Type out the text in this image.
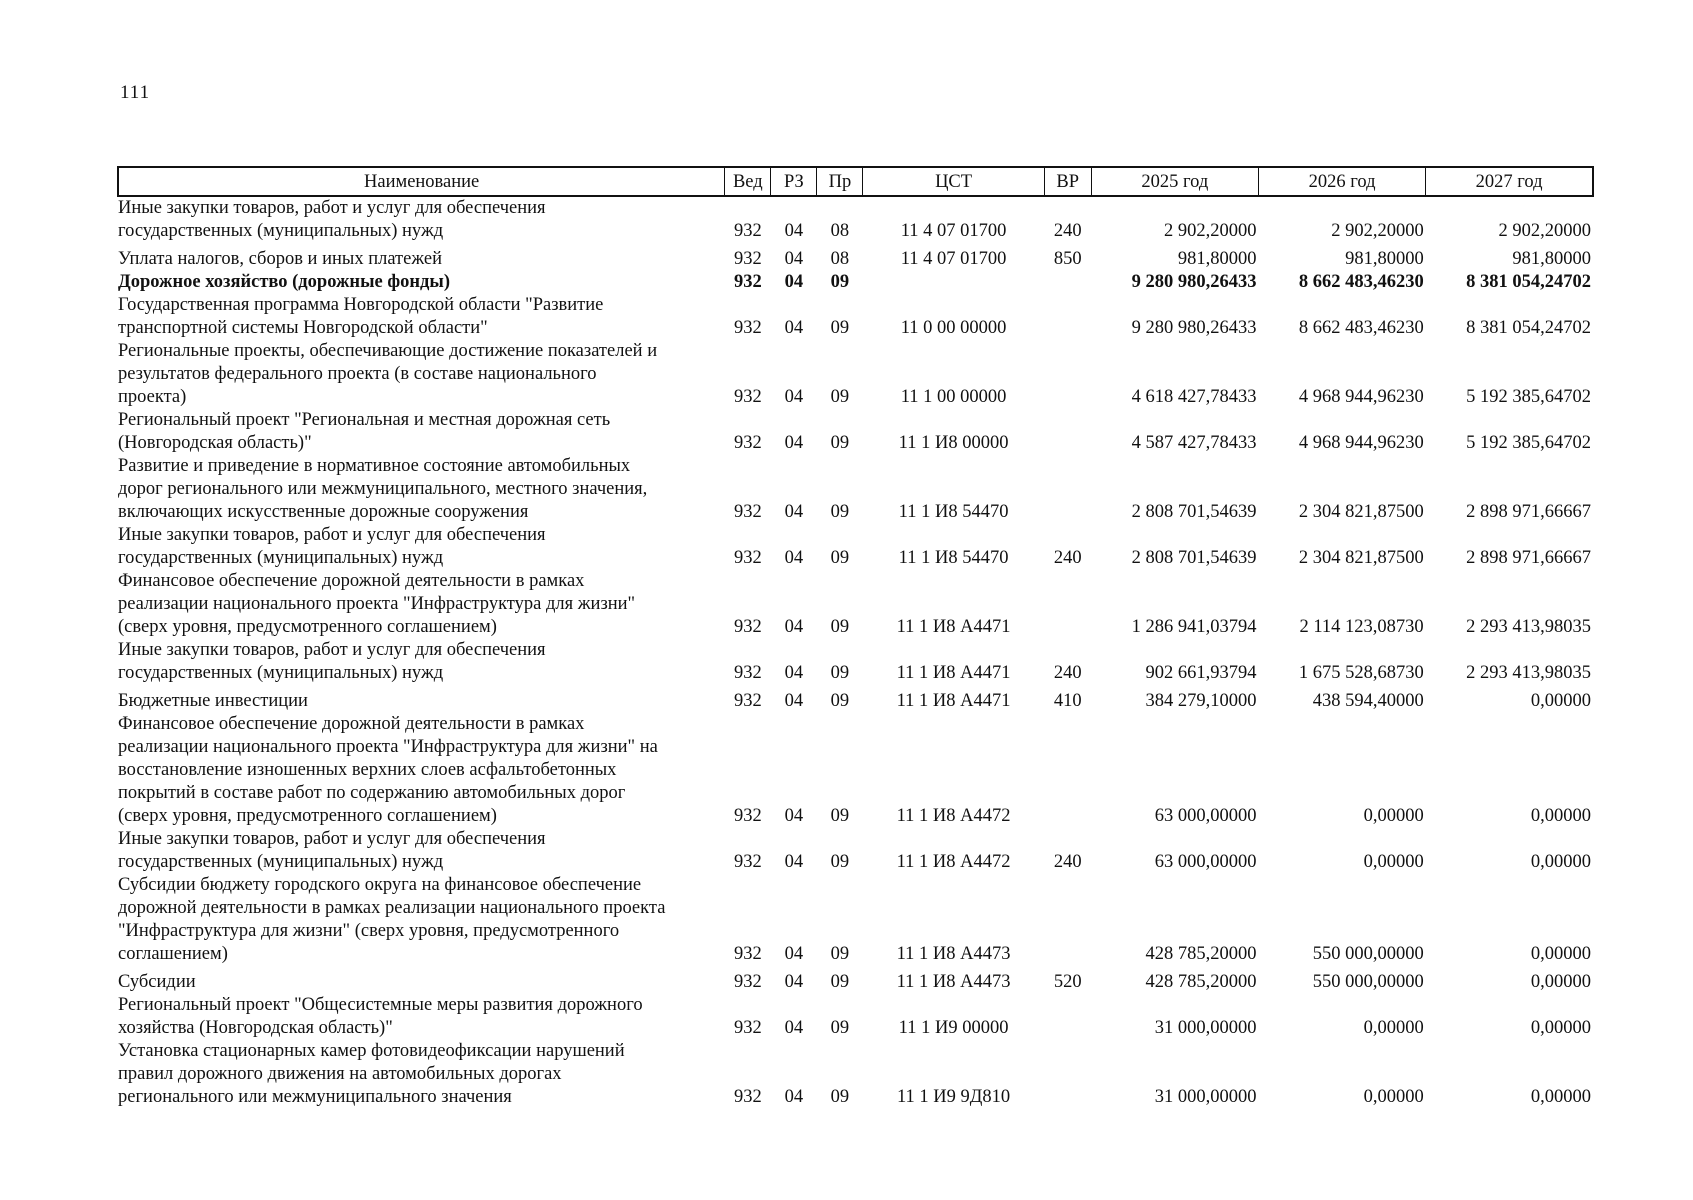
111
Наименование	Вед	РЗ	Пр	ЦСТ	ВР	2025 год	2026 год	2027 год
Иные закупки товаров, работ и услуг для обеспечения
государственных (муниципальных) нужд	932	04	08	11 4 07 01700	240	2 902,20000	2 902,20000	2 902,20000
Уплата налогов, сборов и иных платежей	932	04	08	11 4 07 01700	850	981,80000	981,80000	981,80000
Дорожное хозяйство (дорожные фонды)	932	04	09			9 280 980,26433	8 662 483,46230	8 381 054,24702
Государственная программа Новгородской области "Развитие
транспортной системы Новгородской области"	932	04	09	11 0 00 00000		9 280 980,26433	8 662 483,46230	8 381 054,24702
Региональные проекты, обеспечивающие достижение показателей и
результатов федерального проекта (в составе национального
проекта)	932	04	09	11 1 00 00000		4 618 427,78433	4 968 944,96230	5 192 385,64702
Региональный проект "Региональная и местная дорожная сеть
(Новгородская область)"	932	04	09	11 1 И8 00000		4 587 427,78433	4 968 944,96230	5 192 385,64702
Развитие и приведение в нормативное состояние автомобильных
дорог регионального или межмуниципального, местного значения,
включающих искусственные дорожные сооружения	932	04	09	11 1 И8 54470		2 808 701,54639	2 304 821,87500	2 898 971,66667
Иные закупки товаров, работ и услуг для обеспечения
государственных (муниципальных) нужд	932	04	09	11 1 И8 54470	240	2 808 701,54639	2 304 821,87500	2 898 971,66667
Финансовое обеспечение дорожной деятельности в рамках
реализации национального проекта "Инфраструктура для жизни"
(сверх уровня, предусмотренного соглашением)	932	04	09	11 1 И8 А4471		1 286 941,03794	2 114 123,08730	2 293 413,98035
Иные закупки товаров, работ и услуг для обеспечения
государственных (муниципальных) нужд	932	04	09	11 1 И8 А4471	240	902 661,93794	1 675 528,68730	2 293 413,98035
Бюджетные инвестиции	932	04	09	11 1 И8 А4471	410	384 279,10000	438 594,40000	0,00000
Финансовое обеспечение дорожной деятельности в рамках
реализации национального проекта "Инфраструктура для жизни" на
восстановление изношенных верхних слоев асфальтобетонных
покрытий в составе работ по содержанию автомобильных дорог
(сверх уровня, предусмотренного соглашением)	932	04	09	11 1 И8 А4472		63 000,00000	0,00000	0,00000
Иные закупки товаров, работ и услуг для обеспечения
государственных (муниципальных) нужд	932	04	09	11 1 И8 А4472	240	63 000,00000	0,00000	0,00000
Субсидии бюджету городского округа на финансовое обеспечение
дорожной деятельности в рамках реализации национального проекта
"Инфраструктура для жизни" (сверх уровня, предусмотренного
соглашением)	932	04	09	11 1 И8 А4473		428 785,20000	550 000,00000	0,00000
Субсидии	932	04	09	11 1 И8 А4473	520	428 785,20000	550 000,00000	0,00000
Региональный проект "Общесистемные меры развития дорожного
хозяйства (Новгородская область)"	932	04	09	11 1 И9 00000		31 000,00000	0,00000	0,00000
Установка стационарных камер фотовидеофиксации нарушений
правил дорожного движения на автомобильных дорогах
регионального или межмуниципального значения	932	04	09	11 1 И9 9Д810		31 000,00000	0,00000	0,00000
